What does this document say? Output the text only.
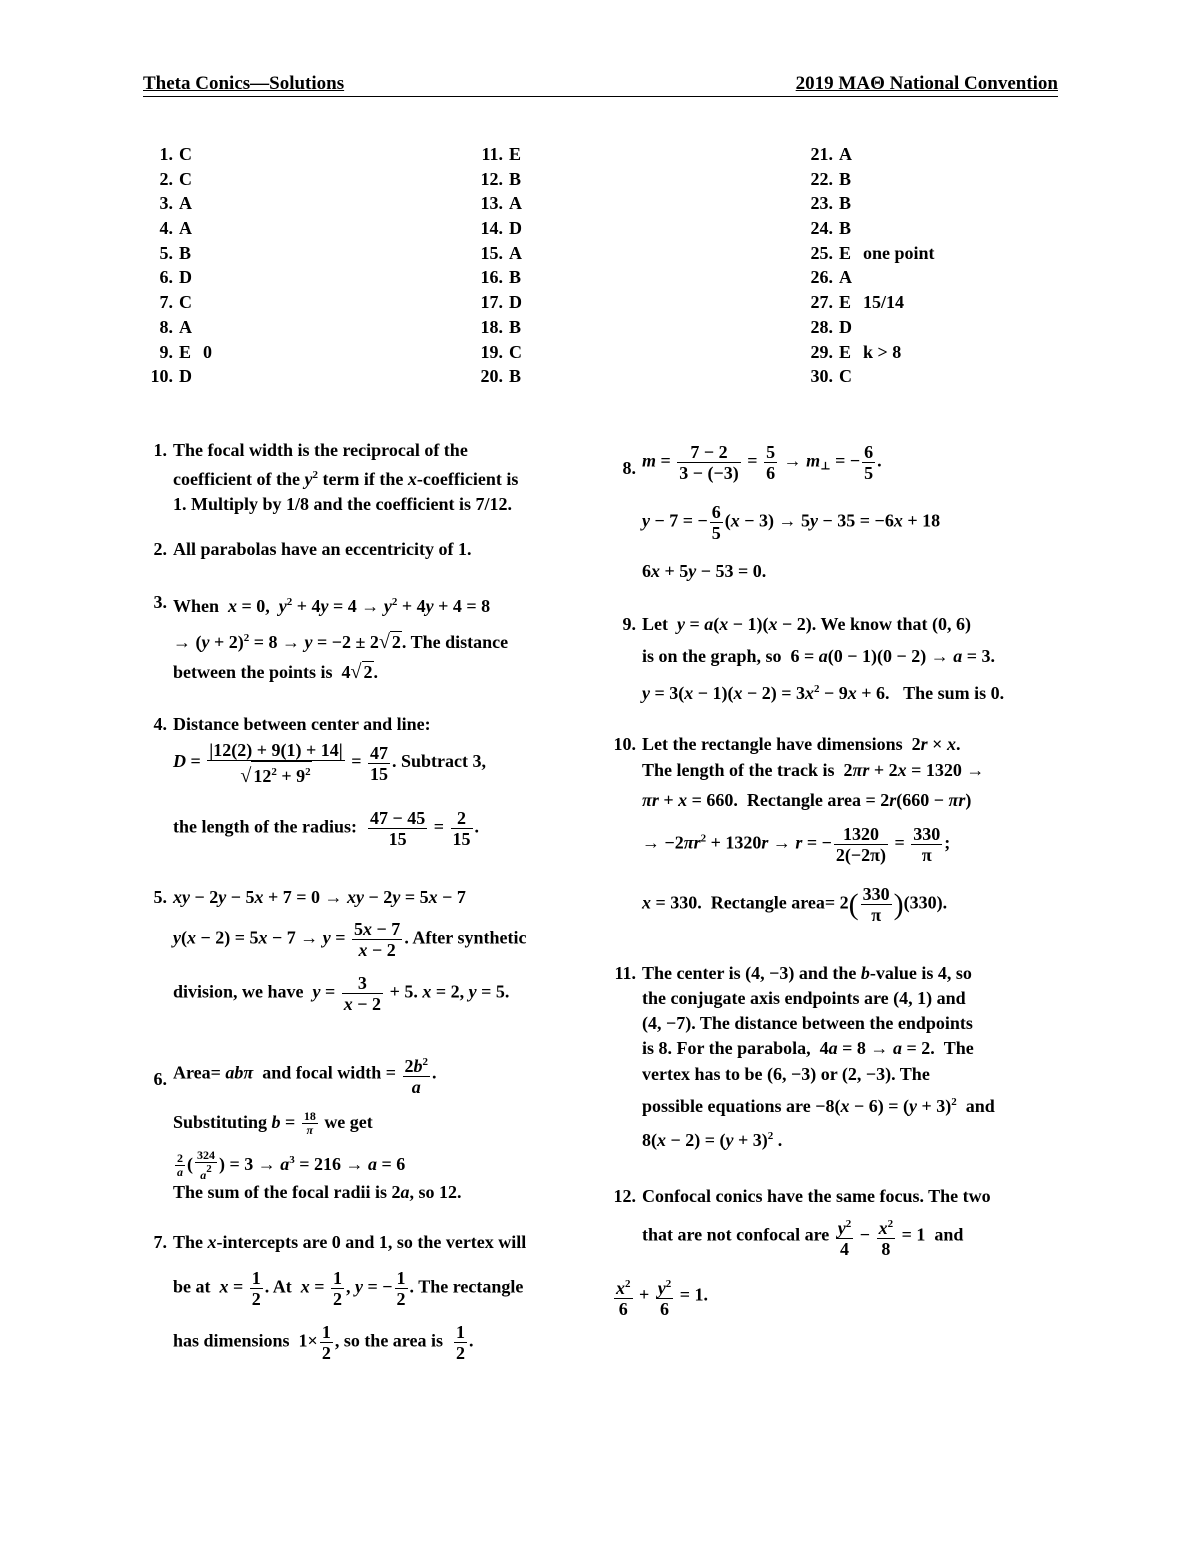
Theta Conics—Solutions	2019 MAΘ National Convention
1. C
2. C
3. A
4. A
5. B
6. D
7. C
8. A
9. E 0
10. D
11. E
12. B
13. A
14. D
15. A
16. B
17. D
18. B
19. C
20. B
21. A
22. B
23. B
24. B
25. E one point
26. A
27. E 15/14
28. D
29. E k > 8
30. C
1. The focal width is the reciprocal of the
coefficient of the $y^2$ term if the x-coefficient is
1. Multiply by 1/8 and the coefficient is 7/12.
2. All parabolas have an eccentricity of 1.
3. When x = 0,  $y^2 + 4y = 4 \to y^2 + 4y + 4 = 8$
→ $(y + 2)^2 = 8 \to y = -2 \pm 2√$ 2. The distance
between the points is  4√ 2.
4. Distance between center and line:
$D = \frac{|12(2) + 9(1) + 14|}{√ 12^2 + 9^2} = \frac{47}{15}$ . Subtract 3,
the length of the radius: $\frac{47 - 45}{15} = \frac{2}{15}$ .
5. xy − 2y − 5x + 7 = 0 → xy − 2y = 5x − 7
$y(x - 2) = 5x - 7 \to y = \frac{5x - 7}{x - 2}$ . After synthetic
division, we have $y = \frac{3}{x - 2} + 5$. x = 2, y = 5.
6. Area= abπ and focal width = $\frac{2b^2}{a}$ .
Substituting $b = \frac{18}{\pi}$ we get
$\frac{2}{a}$ ( $\frac{324}{a^2}$ ) = $3 \to a^3 = 216 \to a = 6$
The sum of the focal radii is 2a, so 12.
7. The x-intercepts are 0 and 1, so the vertex will
be at $x = \frac{1}{2}$ . At  $x = \frac{1}{2}$ , y = − $\frac{1}{2}$ . The rectangle
has dimensions  $1\times \frac{1}{2}$ , so the area is $\frac{1}{2}$ .
8. $m = \frac{7 - 2}{3 - (-3)} = \frac{5}{6} \to m_\perp$ = − $\frac{6}{5}$ .
y − 7 = − $\frac{6}{5} (x - 3) \to 5y - 35 = -6x + 18$
6x + 5y − 53 = 0.
9. Let y = a(x − 1)(x − 2). We know that (0, 6)
is on the graph, so  6 = a(0 − 1)(0 − 2) → a = 3.
$y = 3(x - 1)(x - 2) = 3x^2 - 9x + 6$.   The sum is 0.
10. Let the rectangle have dimensions  2r × x.
The length of the track is  2πr + 2x = 1320 →
πr + x = 660.  Rectangle area = 2r(660 − πr)
→ $-2\pi r^2 + 1320r \to r$ = − $\frac{1320}{2(-2\pi)} = \frac{330}{\pi}$ ;
x = 330.  Rectangle area= $2( \frac{330}{\pi} )(330)$.
11. The center is (4, −3) and the b-value is 4, so
the conjugate axis endpoints are (4, 1) and
(4, −7). The distance between the endpoints
is 8. For the parabola,  4a = 8 → a = 2.  The
vertex has to be (6, −3) or (2, −3). The
possible equations are $-8(x - 6) = (y + 3)^2$ and
$8(x - 2) = (y + 3)^2$ .
12. Confocal conics have the same focus. The two
that are not confocal are $\frac{y^2}{4} - \frac{x^2}{8} = 1$  and
$\frac{x^2}{6} + \frac{y^2}{6} = 1$.
